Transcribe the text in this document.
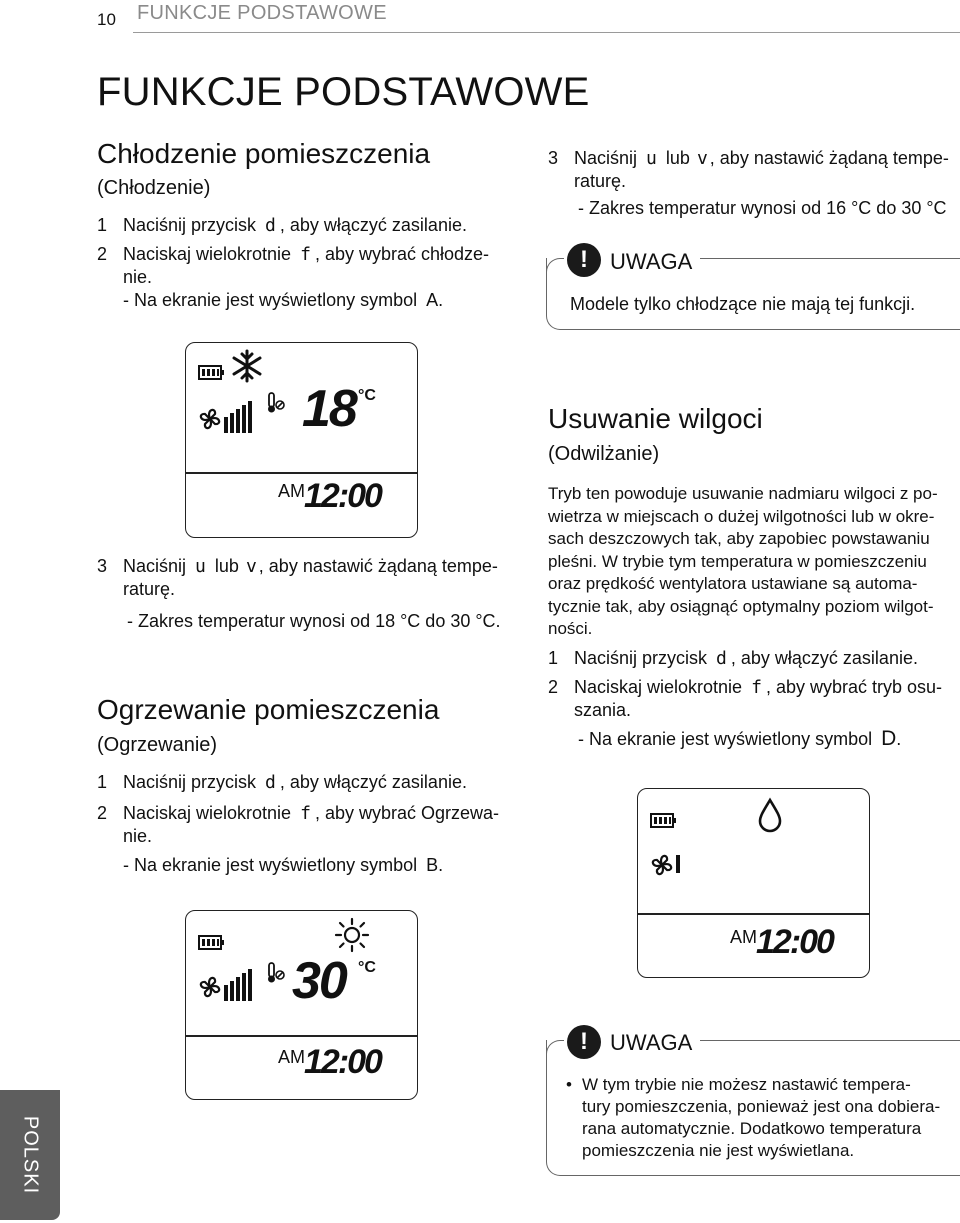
10 FUNKCJE PODSTAWOWE
FUNKCJE PODSTAWOWE
Chłodzenie pomieszczenia
(Chłodzenie)
1 Naciśnij przycisk d , aby włączyć zasilanie.
2 Naciskaj wielokrotnie f , aby wybrać chłodze-
nie.
- Na ekranie jest wyświetlony symbol A.
18 °C
AM 12:00
3 Naciśnij u lub v , aby nastawić żądaną tempe-
raturę.
- Zakres temperatur wynosi od 18 °C do 30 °C.
Ogrzewanie pomieszczenia
(Ogrzewanie)
1 Naciśnij przycisk d , aby włączyć zasilanie.
2 Naciskaj wielokrotnie f , aby wybrać Ogrzewa-
nie.
- Na ekranie jest wyświetlony symbol B.
30 °C
AM 12:00
3 Naciśnij u lub v , aby nastawić żądaną tempe-
raturę.
- Zakres temperatur wynosi od 16 °C do 30 °C
!	UWAGA
Modele tylko chłodzące nie mają tej funkcji.
Usuwanie wilgoci
(Odwilżanie)
Tryb ten powoduje usuwanie nadmiaru wilgoci z po-
wietrza w miejscach o dużej wilgotności lub w okre-
sach deszczowych tak, aby zapobiec powstawaniu
pleśni. W trybie tym temperatura w pomieszczeniu
oraz prędkość wentylatora ustawiane są automa-
tycznie tak, aby osiągnąć optymalny poziom wilgot-
ności.
1 Naciśnij przycisk d , aby włączyć zasilanie.
2 Naciskaj wielokrotnie f , aby wybrać tryb osu-
szania.
- Na ekranie jest wyświetlony symbol D.
AM 12:00
!	UWAGA
• W tym trybie nie możesz nastawić tempera-
tury pomieszczenia, ponieważ jest ona dobiera-
rana automatycznie. Dodatkowo temperatura
pomieszczenia nie jest wyświetlana.
POLSKI
